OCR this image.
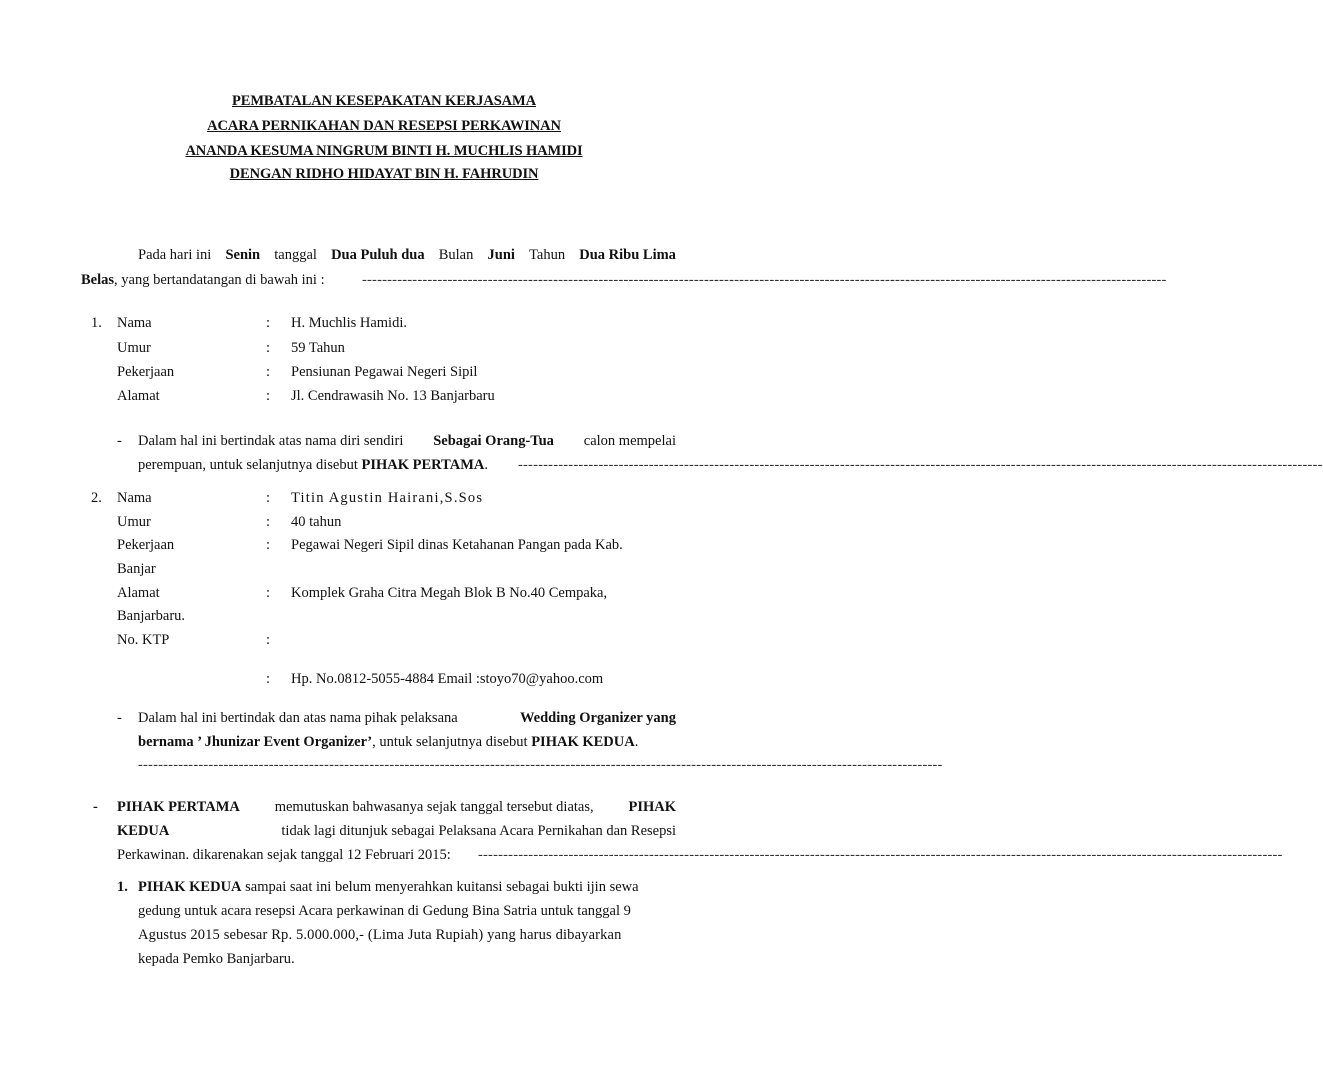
PEMBATALAN KESEPAKATAN KERJASAMA
ACARA PERNIKAHAN DAN RESEPSI PERKAWINAN
ANANDA KESUMA NINGRUM BINTI H. MUCHLIS HAMIDI
DENGAN RIDHO HIDAYAT BIN H. FAHRUDIN
Pada hari ini Senin tanggal Dua Puluh dua Bulan Juni Tahun Dua Ribu Lima
Belas, yang bertandatangan di bawah ini :	----------------------------------------------------------------------------------------------------------------------------------------------------------------
1. Nama	: H. Muchlis Hamidi.
Umur	: 59 Tahun
Pekerjaan	: Pensiunan Pegawai Negeri Sipil
Alamat	: Jl. Cendrawasih No. 13 Banjarbaru
- Dalam hal ini bertindak atas nama diri sendiri Sebagai Orang-Tua calon mempelai
perempuan, untuk selanjutnya disebut PIHAK PERTAMA. ----------------------------------------------------------------------------------------------------------------------------------------------------------------
2. Nama	: Titin Agustin Hairani,S.Sos
Umur	: 40 tahun
Pekerjaan	: Pegawai Negeri Sipil dinas Ketahanan Pangan pada Kab.
Banjar
Alamat	: Komplek Graha Citra Megah Blok B No.40 Cempaka,
Banjarbaru.
No. KTP	:
: Hp. No.0812-5055-4884 Email :stoyo70@yahoo.com
- Dalam hal ini bertindak dan atas nama pihak pelaksana	Wedding Organizer yang
bernama ’ Jhunizar Event Organizer’, untuk selanjutnya disebut PIHAK KEDUA.
----------------------------------------------------------------------------------------------------------------------------------------------------------------
- PIHAK PERTAMA memutuskan bahwasanya sejak tanggal tersebut diatas, PIHAK
KEDUA	tidak lagi ditunjuk sebagai Pelaksana Acara Pernikahan dan Resepsi
Perkawinan. dikarenakan sejak tanggal 12 Februari 2015: ----------------------------------------------------------------------------------------------------------------------------------------------------------------
1. PIHAK KEDUA sampai saat ini belum menyerahkan kuitansi sebagai bukti ijin sewa
gedung untuk acara resepsi Acara perkawinan di Gedung Bina Satria untuk tanggal 9
Agustus 2015 sebesar Rp. 5.000.000,- (Lima Juta Rupiah) yang harus dibayarkan
kepada Pemko Banjarbaru.
